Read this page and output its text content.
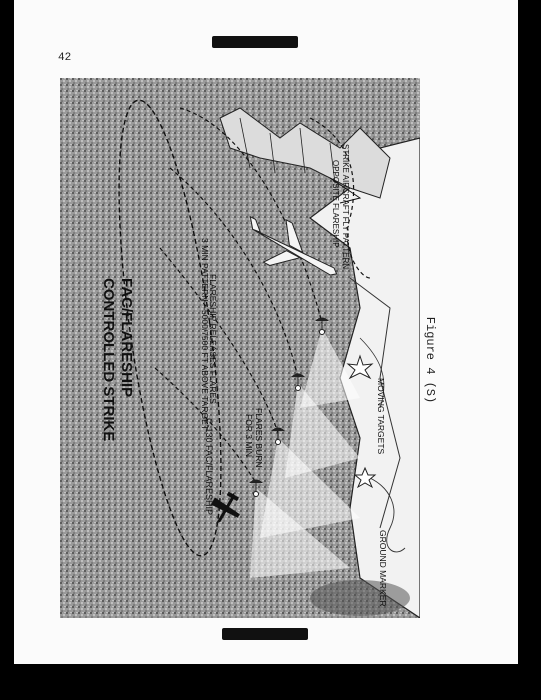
42
FAC/FLARESHIP
CONTROLLED STRIKE	3 MIN PATTERN—5000/7500 FT ABOVE TARGET
FLARESHIP RELEASES FLARES
FLARES BURN
FOR 3 MIN
C-130 FAC/FLARESHIP
STRIKE AIRCRAFT FLY PATTERN
OPPOSITE FLARESHIP
MOVING TARGETS
GROUND MARKER
Figure 4 (S)
